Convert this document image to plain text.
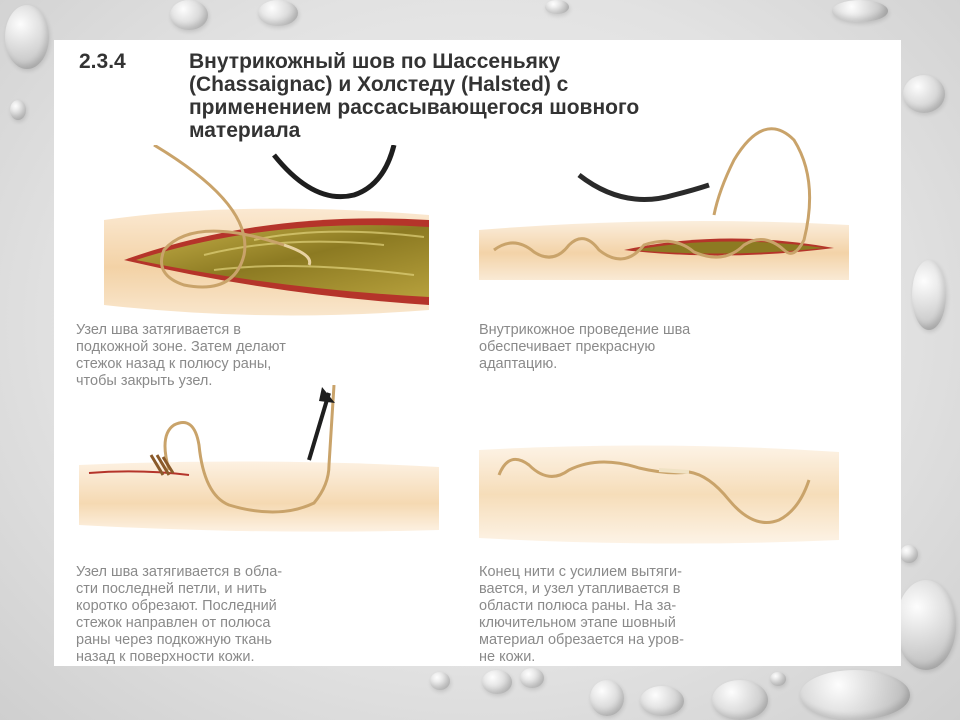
2.3.4	Внутрикожный шов по Шассеньяку
(Chassaignac) и Холстеду (Halsted) с
применением рассасывающегося шовного
материала

Узел шва затягивается в
подкожной зоне. Затем делают
стежок назад к полюсу раны,
чтобы закрыть узел.

Внутрикожное проведение шва
обеспечивает прекрасную
адаптацию.

Узел шва затягивается в обла-
сти последней петли, и нить
коротко обрезают. Последний
стежок направлен от полюса
раны через подкожную ткань
назад к поверхности кожи.

Конец нити с усилием вытяги-
вается, и узел утапливается в
области полюса раны. На за-
ключительном этапе шовный
материал обрезается на уров-
не кожи.
